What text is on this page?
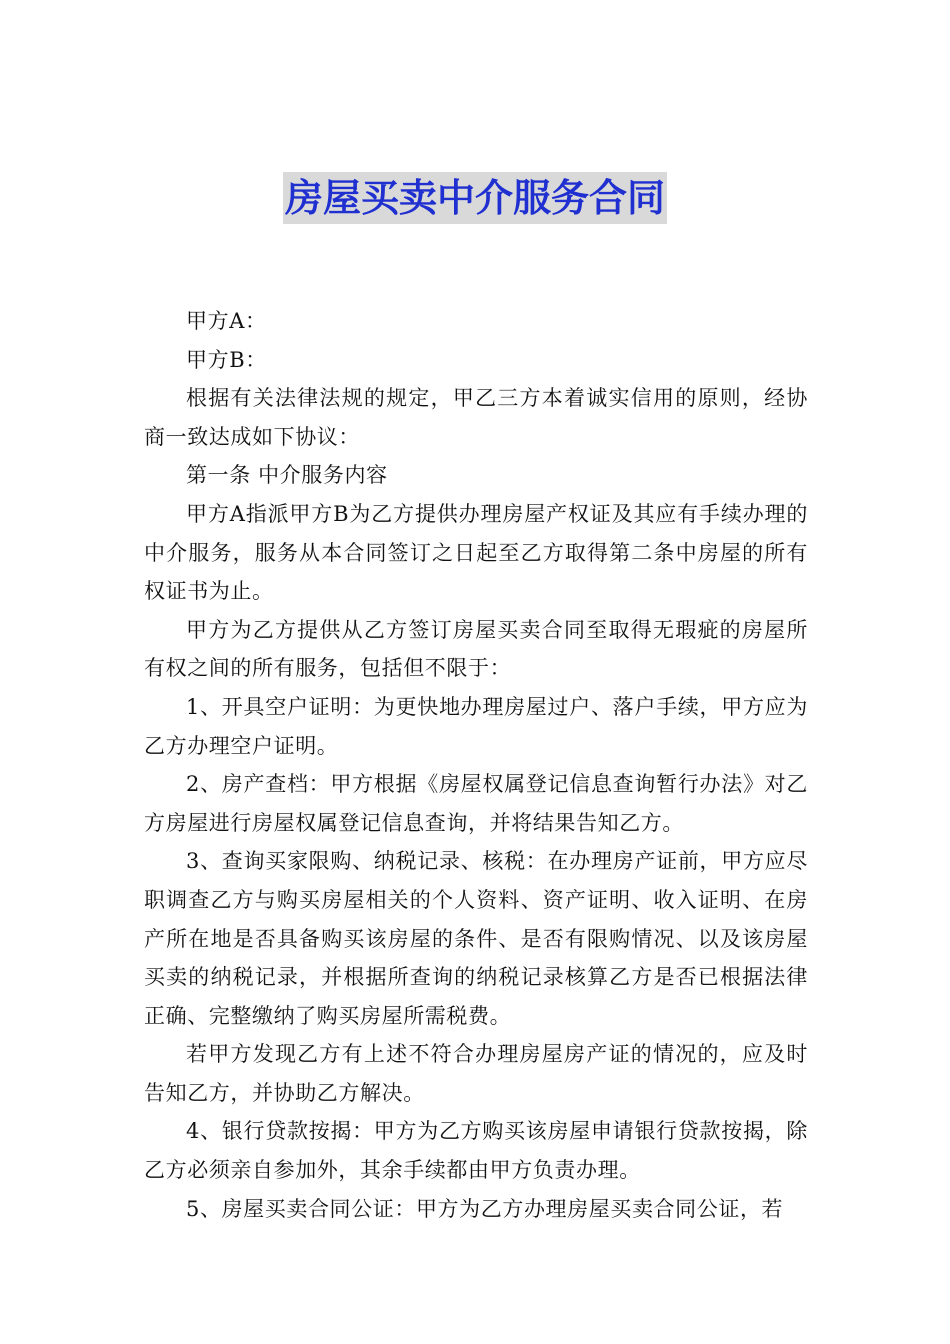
房屋买卖中介服务合同

甲方A：

甲方B：

根据有关法律法规的规定，甲乙三方本着诚实信用的原则，经协商一致达成如下协议：

第一条 中介服务内容

甲方A指派甲方B为乙方提供办理房屋产权证及其应有手续办理的中介服务，服务从本合同签订之日起至乙方取得第二条中房屋的所有权证书为止。

甲方为乙方提供从乙方签订房屋买卖合同至取得无瑕疵的房屋所有权之间的所有服务，包括但不限于：

1、开具空户证明：为更快地办理房屋过户、落户手续，甲方应为乙方办理空户证明。

2、房产查档：甲方根据《房屋权属登记信息查询暂行办法》对乙方房屋进行房屋权属登记信息查询，并将结果告知乙方。

3、查询买家限购、纳税记录、核税：在办理房产证前，甲方应尽职调查乙方与购买房屋相关的个人资料、资产证明、收入证明、在房产所在地是否具备购买该房屋的条件、是否有限购情况、以及该房屋买卖的纳税记录，并根据所查询的纳税记录核算乙方是否已根据法律正确、完整缴纳了购买房屋所需税费。

若甲方发现乙方有上述不符合办理房屋房产证的情况的，应及时告知乙方，并协助乙方解决。

4、银行贷款按揭：甲方为乙方购买该房屋申请银行贷款按揭，除乙方必须亲自参加外，其余手续都由甲方负责办理。

5、房屋买卖合同公证：甲方为乙方办理房屋买卖合同公证，若
